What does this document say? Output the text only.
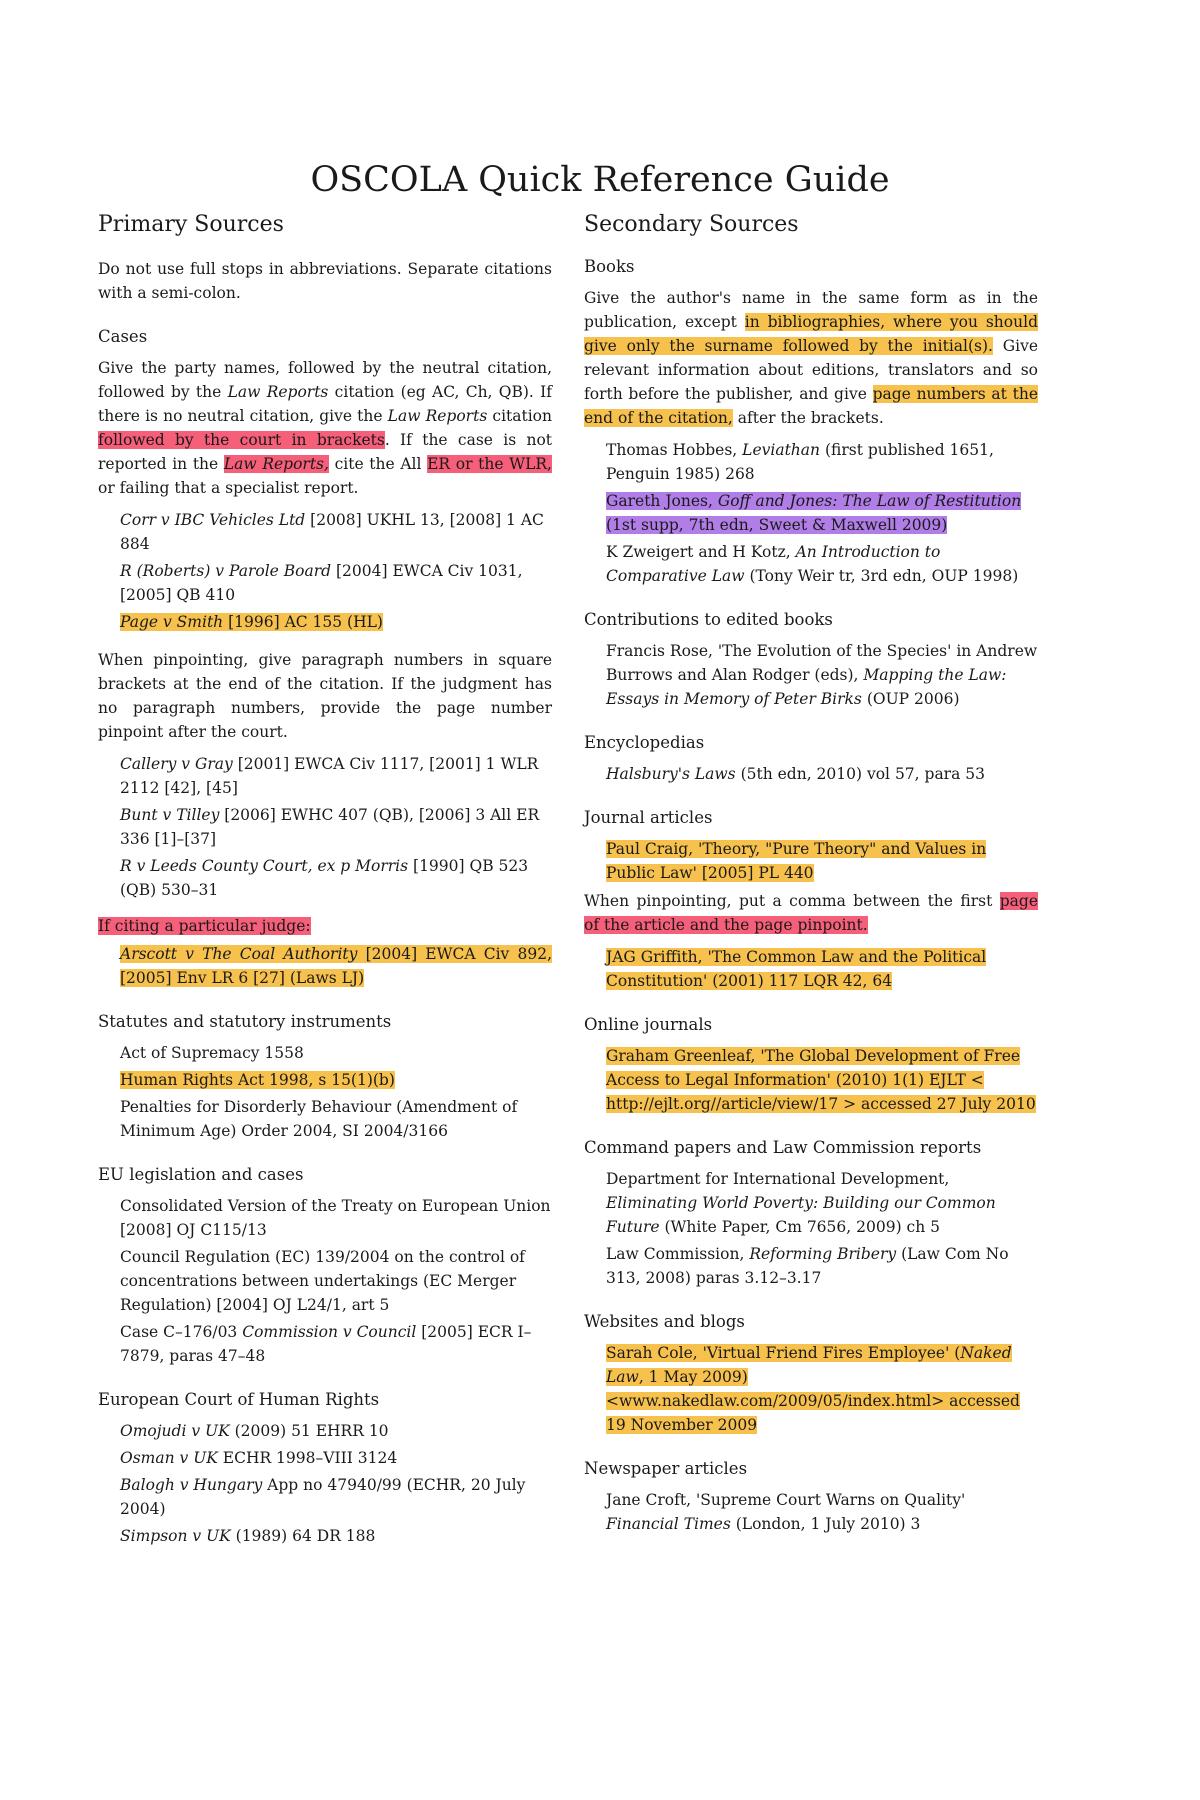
OSCOLA Quick Reference Guide
Primary Sources

Do not use full stops in abbreviations. Separate citations with a semi-colon.

Cases

Give the party names, followed by the neutral citation, followed by the Law Reports citation (eg AC, Ch, QB). If there is no neutral citation, give the Law Reports citation followed by the court in brackets. If the case is not reported in the Law Reports, cite the All ER or the WLR, or failing that a specialist report.

Corr v IBC Vehicles Ltd [2008] UKHL 13, [2008] 1 AC 884
R (Roberts) v Parole Board [2004] EWCA Civ 1031, [2005] QB 410
Page v Smith [1996] AC 155 (HL)

When pinpointing, give paragraph numbers in square brackets at the end of the citation. If the judgment has no paragraph numbers, provide the page number pinpoint after the court.

Callery v Gray [2001] EWCA Civ 1117, [2001] 1 WLR 2112 [42], [45]
Bunt v Tilley [2006] EWHC 407 (QB), [2006] 3 All ER 336 [1]–[37]
R v Leeds County Court, ex p Morris [1990] QB 523 (QB) 530–31

If citing a particular judge:

Arscott v The Coal Authority [2004] EWCA Civ 892, [2005] Env LR 6 [27] (Laws LJ)
Statutes and statutory instruments
Act of Supremacy 1558
Human Rights Act 1998, s 15(1)(b)
Penalties for Disorderly Behaviour (Amendment of Minimum Age) Order 2004, SI 2004/3166
EU legislation and cases
Consolidated Version of the Treaty on European Union [2008] OJ C115/13
Council Regulation (EC) 139/2004 on the control of concentrations between undertakings (EC Merger Regulation) [2004] OJ L24/1, art 5
Case C–176/03 Commission v Council [2005] ECR I–7879, paras 47–48
European Court of Human Rights
Omojudi v UK (2009) 51 EHRR 10
Osman v UK ECHR 1998–VIII 3124
Balogh v Hungary App no 47940/99 (ECHR, 20 July 2004)
Simpson v UK (1989) 64 DR 188
Secondary Sources
Books

Give the author's name in the same form as in the publication, except in bibliographies, where you should give only the surname followed by the initial(s). Give relevant information about editions, translators and so forth before the publisher, and give page numbers at the end of the citation, after the brackets.

Thomas Hobbes, Leviathan (first published 1651, Penguin 1985) 268
Gareth Jones, Goff and Jones: The Law of Restitution (1st supp, 7th edn, Sweet & Maxwell 2009)
K Zweigert and H Kotz, An Introduction to Comparative Law (Tony Weir tr, 3rd edn, OUP 1998)
Contributions to edited books
Francis Rose, 'The Evolution of the Species' in Andrew Burrows and Alan Rodger (eds), Mapping the Law: Essays in Memory of Peter Birks (OUP 2006)
Encyclopedias
Halsbury's Laws (5th edn, 2010) vol 57, para 53
Journal articles
Paul Craig, 'Theory, "Pure Theory" and Values in Public Law' [2005] PL 440

When pinpointing, put a comma between the first page of the article and the page pinpoint.

JAG Griffith, 'The Common Law and the Political Constitution' (2001) 117 LQR 42, 64
Online journals
Graham Greenleaf, 'The Global Development of Free Access to Legal Information' (2010) 1(1) EJLT < http://ejlt.org//article/view/17 > accessed 27 July 2010
Command papers and Law Commission reports
Department for International Development, Eliminating World Poverty: Building our Common Future (White Paper, Cm 7656, 2009) ch 5
Law Commission, Reforming Bribery (Law Com No 313, 2008) paras 3.12–3.17
Websites and blogs
Sarah Cole, 'Virtual Friend Fires Employee' (Naked Law, 1 May 2009) <www.nakedlaw.com/2009/05/index.html> accessed 19 November 2009
Newspaper articles
Jane Croft, 'Supreme Court Warns on Quality' Financial Times (London, 1 July 2010) 3
